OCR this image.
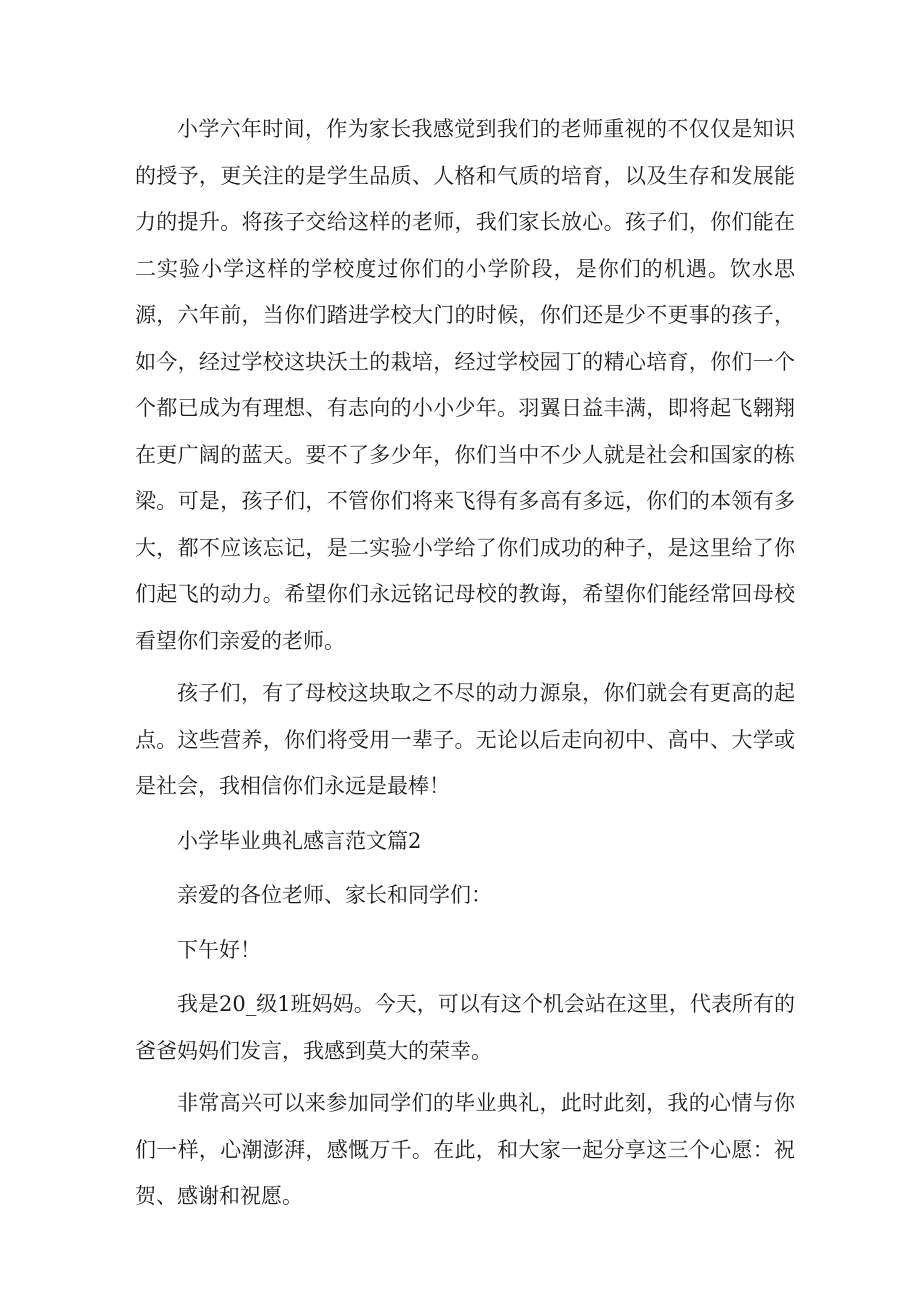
小学六年时间，作为家长我感觉到我们的老师重视的不仅仅是知识的授予，更关注的是学生品质、人格和气质的培育，以及生存和发展能力的提升。将孩子交给这样的老师，我们家长放心。孩子们，你们能在二实验小学这样的学校度过你们的小学阶段，是你们的机遇。饮水思源，六年前，当你们踏进学校大门的时候，你们还是少不更事的孩子，如今，经过学校这块沃土的栽培，经过学校园丁的精心培育，你们一个个都已成为有理想、有志向的小小少年。羽翼日益丰满，即将起飞翱翔在更广阔的蓝天。要不了多少年，你们当中不少人就是社会和国家的栋梁。可是，孩子们，不管你们将来飞得有多高有多远，你们的本领有多大，都不应该忘记，是二实验小学给了你们成功的种子，是这里给了你们起飞的动力。希望你们永远铭记母校的教诲，希望你们能经常回母校看望你们亲爱的老师。

孩子们，有了母校这块取之不尽的动力源泉，你们就会有更高的起点。这些营养，你们将受用一辈子。无论以后走向初中、高中、大学或是社会，我相信你们永远是最棒！

小学毕业典礼感言范文篇2

亲爱的各位老师、家长和同学们：

下午好！

我是20_级1班妈妈。今天，可以有这个机会站在这里，代表所有的爸爸妈妈们发言，我感到莫大的荣幸。

非常高兴可以来参加同学们的毕业典礼，此时此刻，我的心情与你们一样，心潮澎湃，感慨万千。在此，和大家一起分享这三个心愿：祝贺、感谢和祝愿。
